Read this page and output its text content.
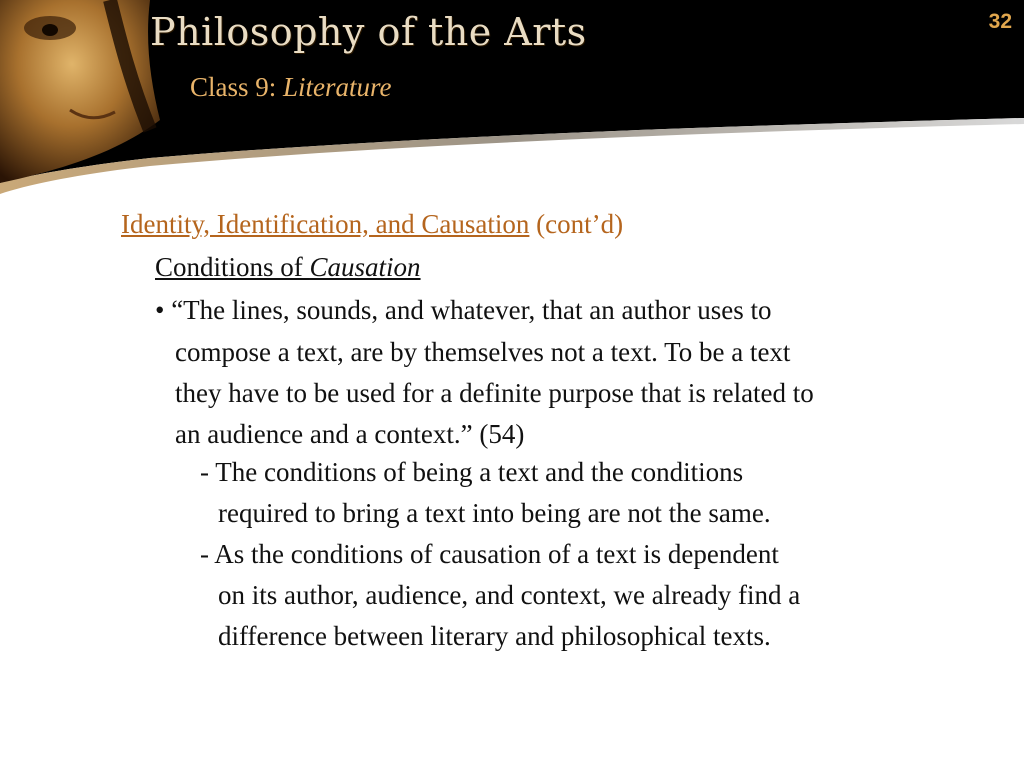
Philosophy of the Arts
Class 9: Literature
32
Identity, Identification, and Causation (cont’d)
Conditions of Causation
• “The lines, sounds, and whatever, that an author uses to
compose a text, are by themselves not a text. To be a text
they have to be used for a definite purpose that is related to
an audience and a context.” (54)
- The conditions of being a text and the conditions
required to bring a text into being are not the same.
- As the conditions of causation of a text is dependent
on its author, audience, and context, we already find a
difference between literary and philosophical texts.
